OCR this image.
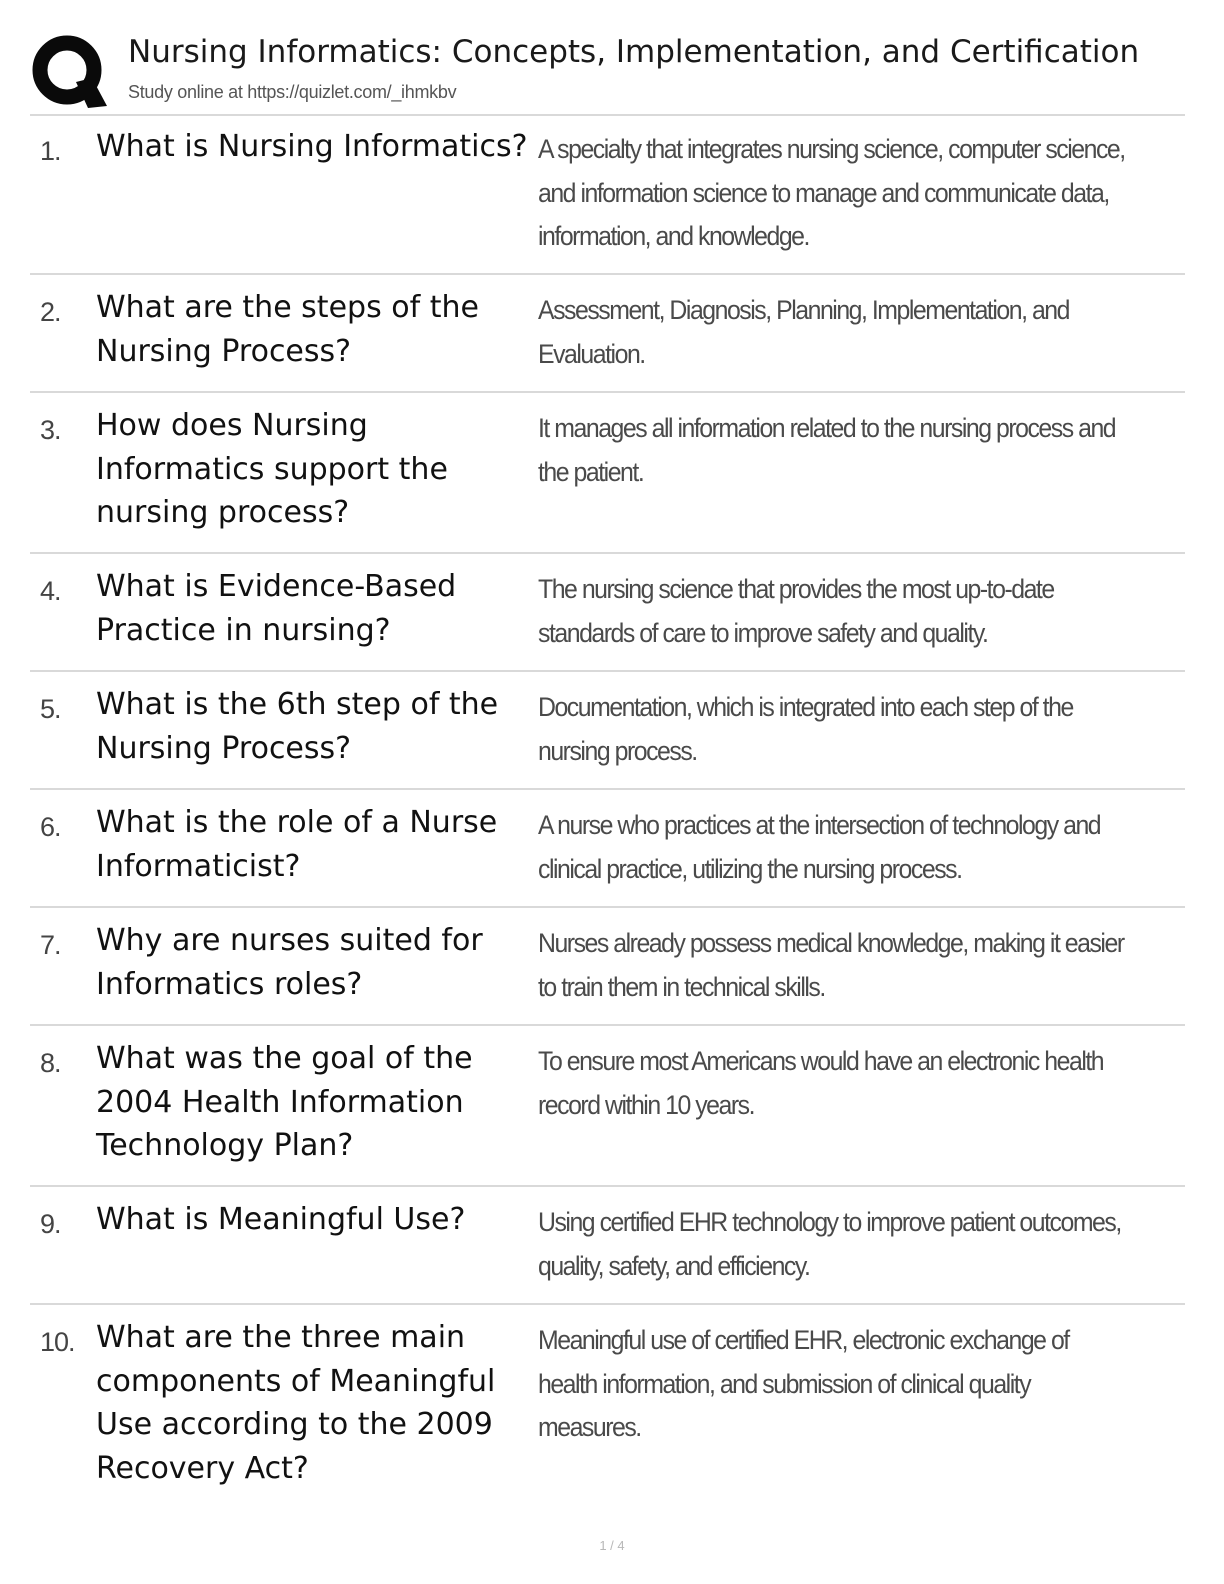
Nursing Informatics: Concepts, Implementation, and Certification
Study online at https://quizlet.com/_ihmkbv
1. What is Nursing Informatics? A specialty that integrates nursing science, computer science, and information science to manage and communicate data, information, and knowledge.
2. What are the steps of the Nursing Process?
Assessment, Diagnosis, Planning, Implementation, and Evaluation.
3. How does Nursing Informatics support the nursing process?
It manages all information related to the nursing process and the patient.
4. What is Evidence-Based Practice in nursing?
The nursing science that provides the most up-to-date standards of care to improve safety and quality.
5. What is the 6th step of the Nursing Process?
Documentation, which is integrated into each step of the nursing process.
6. What is the role of a Nurse Informaticist?
A nurse who practices at the intersection of technology and clinical practice, utilizing the nursing process.
7. Why are nurses suited for Informatics roles?
Nurses already possess medical knowledge, making it easier to train them in technical skills.
8. What was the goal of the 2004 Health Information Technology Plan?
To ensure most Americans would have an electronic health record within 10 years.
9. What is Meaningful Use?	Using certified EHR technology to improve patient outcomes, quality, safety, and efficiency.
10. What are the three main components of Meaningful Use according to the 2009 Recovery Act?
Meaningful use of certified EHR, electronic exchange of health information, and submission of clinical quality measures.
1 / 4
